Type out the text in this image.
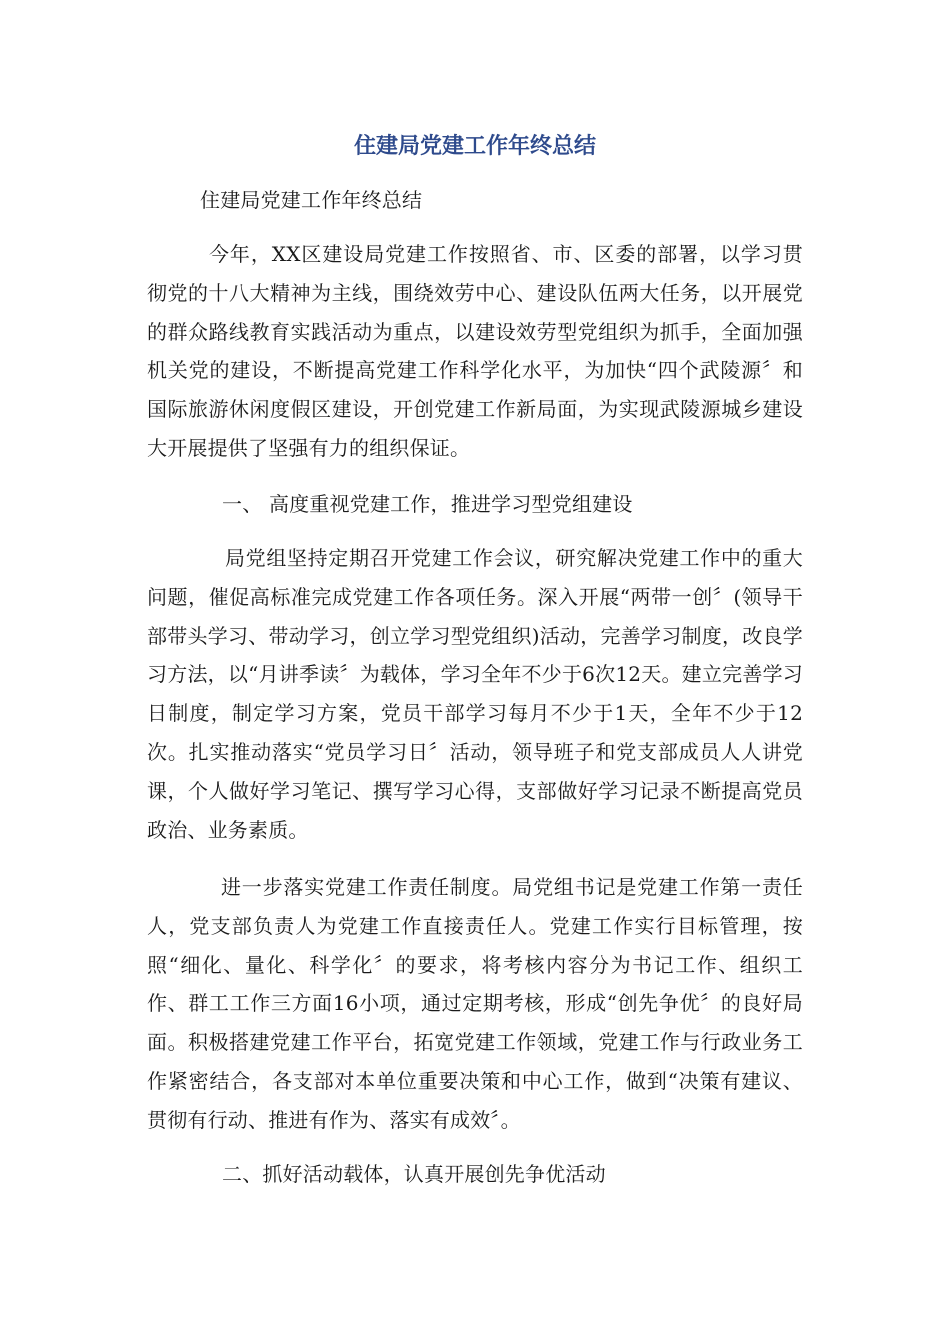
住建局党建工作年终总结

住建局党建工作年终总结

今年，XX区建设局党建工作按照省、市、区委的部署，以学习贯彻党的十八大精神为主线，围绕效劳中心、建设队伍两大任务，以开展党的群众路线教育实践活动为重点，以建设效劳型党组织为抓手，全面加强机关党的建设，不断提高党建工作科学化水平，为加快“四个武陵源〞和国际旅游休闲度假区建设，开创党建工作新局面，为实现武陵源城乡建设大开展提供了坚强有力的组织保证。

一、 高度重视党建工作，推进学习型党组建设

局党组坚持定期召开党建工作会议，研究解决党建工作中的重大问题，催促高标准完成党建工作各项任务。深入开展“两带一创〞(领导干部带头学习、带动学习，创立学习型党组织)活动，完善学习制度，改良学习方法，以“月讲季读〞为载体，学习全年不少于6次12天。建立完善学习日制度，制定学习方案，党员干部学习每月不少于1天，全年不少于12次。扎实推动落实“党员学习日〞活动，领导班子和党支部成员人人讲党课，个人做好学习笔记、撰写学习心得，支部做好学习记录不断提高党员政治、业务素质。

进一步落实党建工作责任制度。局党组书记是党建工作第一责任人，党支部负责人为党建工作直接责任人。党建工作实行目标管理，按照“细化、量化、科学化〞的要求，将考核内容分为书记工作、组织工作、群工工作三方面16小项，通过定期考核，形成“创先争优〞的良好局面。积极搭建党建工作平台，拓宽党建工作领域，党建工作与行政业务工作紧密结合，各支部对本单位重要决策和中心工作，做到“决策有建议、贯彻有行动、推进有作为、落实有成效〞。

二、抓好活动载体，认真开展创先争优活动
